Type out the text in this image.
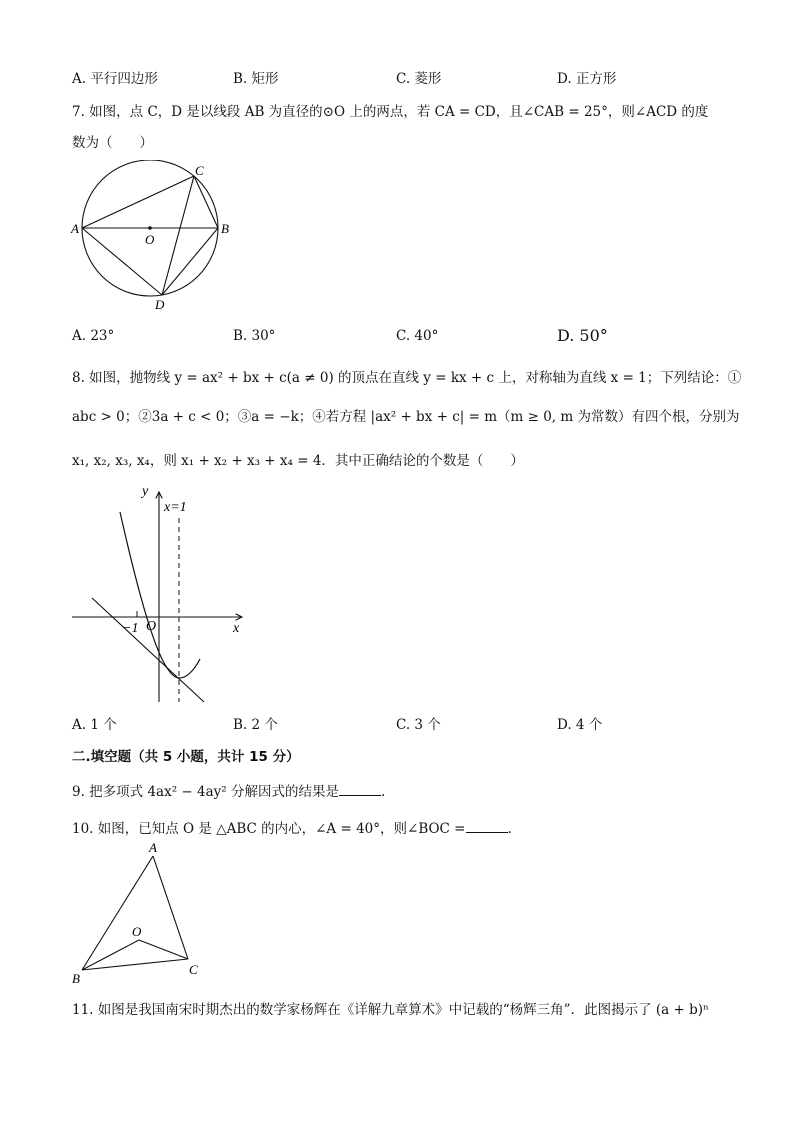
A. 平行四边形	B. 矩形	C. 菱形	D. 正方形
7. 如图，点 C，D 是以线段 AB 为直径的⊙O 上的两点，若 CA = CD，且∠CAB = 25°，则∠ACD 的度
数为（　　）
A	B
C
D
O
A. 23°	B. 30°	C. 40°	D. 50°
8. 如图，抛物线 y = ax² + bx + c(a ≠ 0) 的顶点在直线 y = kx + c 上，对称轴为直线 x = 1；下列结论：①
abc > 0；②3a + c < 0；③a = −k；④若方程 |ax² + bx + c| = m（m ≥ 0, m 为常数）有四个根，分别为
x₁, x₂, x₃, x₄，则 x₁ + x₂ + x₃ + x₄ = 4．其中正确结论的个数是（　　）
y
x
x=1
−1 O
A. 1 个	B. 2 个	C. 3 个	D. 4 个
二.填空题（共 5 小题，共计 15 分）
9. 把多项式 4ax² − 4ay² 分解因式的结果是	.
10. 如图，已知点 O 是 △ABC 的内心，∠A = 40°，则∠BOC =	.
A
B
C
O
11. 如图是我国南宋时期杰出的数学家杨辉在《详解九章算术》中记载的“杨辉三角”．此图揭示了 (a + b)ⁿ
